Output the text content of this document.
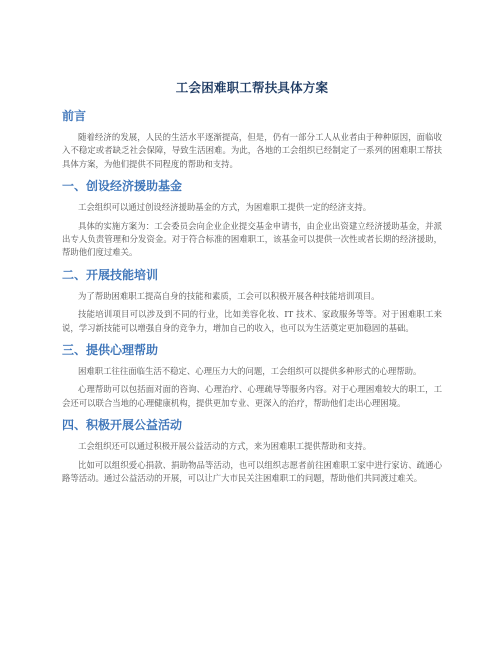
工会困难职工帮扶具体方案
前言

随着经济的发展，人民的生活水平逐渐提高，但是，仍有一部分工人从业者由于种种原因，面临收入不稳定或者缺乏社会保障，导致生活困难。为此，各地的工会组织已经制定了一系列的困难职工帮扶具体方案，为他们提供不同程度的帮助和支持。

一、创设经济援助基金

工会组织可以通过创设经济援助基金的方式，为困难职工提供一定的经济支持。

具体的实施方案为：工会委员会向企业企业提交基金申请书，由企业出资建立经济援助基金，并派出专人负责管理和分发资金。对于符合标准的困难职工，该基金可以提供一次性或者长期的经济援助，帮助他们度过难关。

二、开展技能培训

为了帮助困难职工提高自身的技能和素质，工会可以积极开展各种技能培训项目。

技能培训项目可以涉及到不同的行业，比如美容化妆、IT 技术、家政服务等等。对于困难职工来说，学习新技能可以增强自身的竞争力，增加自己的收入，也可以为生活奠定更加稳固的基础。

三、提供心理帮助

困难职工往往面临生活不稳定、心理压力大的问题，工会组织可以提供多种形式的心理帮助。

心理帮助可以包括面对面的咨询、心理治疗、心理疏导等服务内容。对于心理困难较大的职工，工会还可以联合当地的心理健康机构，提供更加专业、更深入的治疗，帮助他们走出心理困境。

四、积极开展公益活动

工会组织还可以通过积极开展公益活动的方式，来为困难职工提供帮助和支持。

比如可以组织爱心捐款、捐助物品等活动，也可以组织志愿者前往困难职工家中进行家访、疏通心路等活动。通过公益活动的开展，可以让广大市民关注困难职工的问题，帮助他们共同渡过难关。
